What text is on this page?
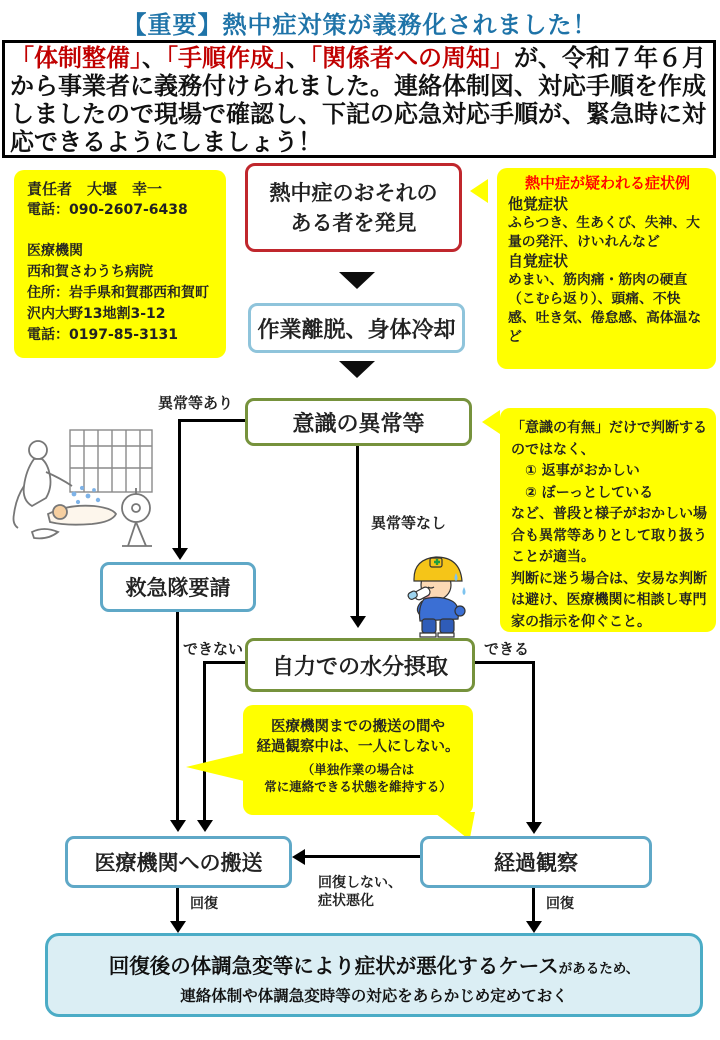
【重要】熱中症対策が義務化されました！
「体制整備」、「手順作成」、「関係者への周知」が、令和７年６月から事業者に義務付けられました。連絡体制図、対応手順を作成しましたので現場で確認し、下記の応急対応手順が、緊急時に対応できるようにしましょう！
責任者　大堰　幸一
電話：090-2607-6438
医療機関
西和賀さわうち病院
住所：岩手県和賀郡西和賀町
沢内大野13地割3-12
電話：0197-85-3131
熱中症のおそれの
ある者を発見
熱中症が疑われる症状例
他覚症状
ふらつき、生あくび、失神、大量の発汗、けいれんなど
自覚症状
めまい、筋肉痛・筋肉の硬直（こむら返り）、頭痛、不快感、吐き気、倦怠感、高体温など
作業離脱、身体冷却
意識の異常等	「意識の有無」だけで判断するのではなく、
① 返事がおかしい
② ぼーっとしている
など、普段と様子がおかしい場合も異常等ありとして取り扱うことが適当。
判断に迷う場合は、安易な判断は避け、医療機関に相談し専門家の指示を仰ぐこと。
異常等あり
救急隊要請
異常等なし
自力での水分摂取
できない	できる
医療機関までの搬送の間や
経過観察中は、一人にしない。
（単独作業の場合は
常に連絡できる状態を維持する）
医療機関への搬送	経過観察
回復しない、
症状悪化
回復	回復
回復後の体調急変等により症状が悪化するケースがあるため、
連絡体制や体調急変時等の対応をあらかじめ定めておく
